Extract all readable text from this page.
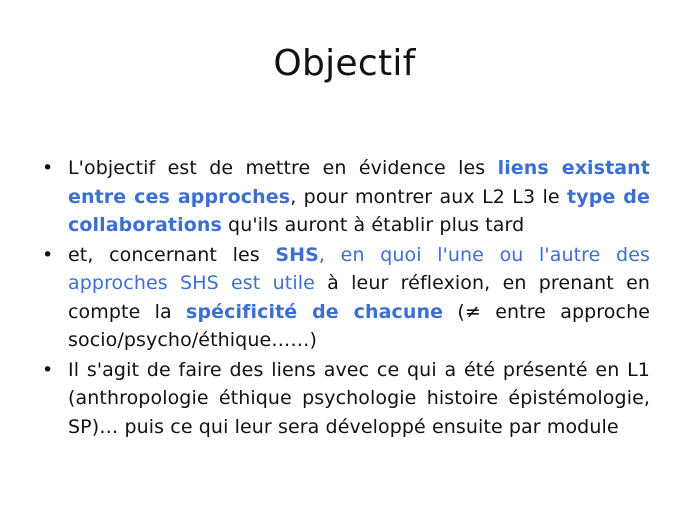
Objectif
• L'objectif est de mettre en évidence les liens existant entre ces approches, pour montrer aux L2 L3 le type de collaborations qu'ils auront à établir plus tard
• et, concernant les SHS, en quoi l'une ou l'autre des approches SHS est utile à leur réflexion, en prenant en compte la spécificité de chacune (≠ entre approche socio/psycho/éthique……)
• Il s'agit de faire des liens avec ce qui a été présenté en L1 (anthropologie éthique psychologie histoire épistémologie, SP)… puis ce qui leur sera développé ensuite par module
